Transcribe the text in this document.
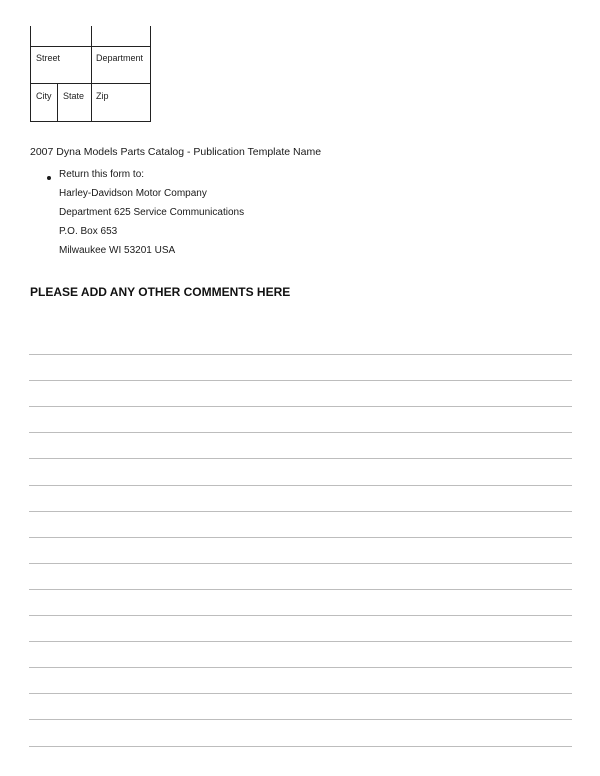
Street	Department
City State Zip
2007 Dyna Models Parts Catalog - Publication Template Name
Return this form to:
Harley-Davidson Motor Company
Department 625 Service Communications
P.O. Box 653
Milwaukee WI 53201 USA
PLEASE ADD ANY OTHER COMMENTS HERE
